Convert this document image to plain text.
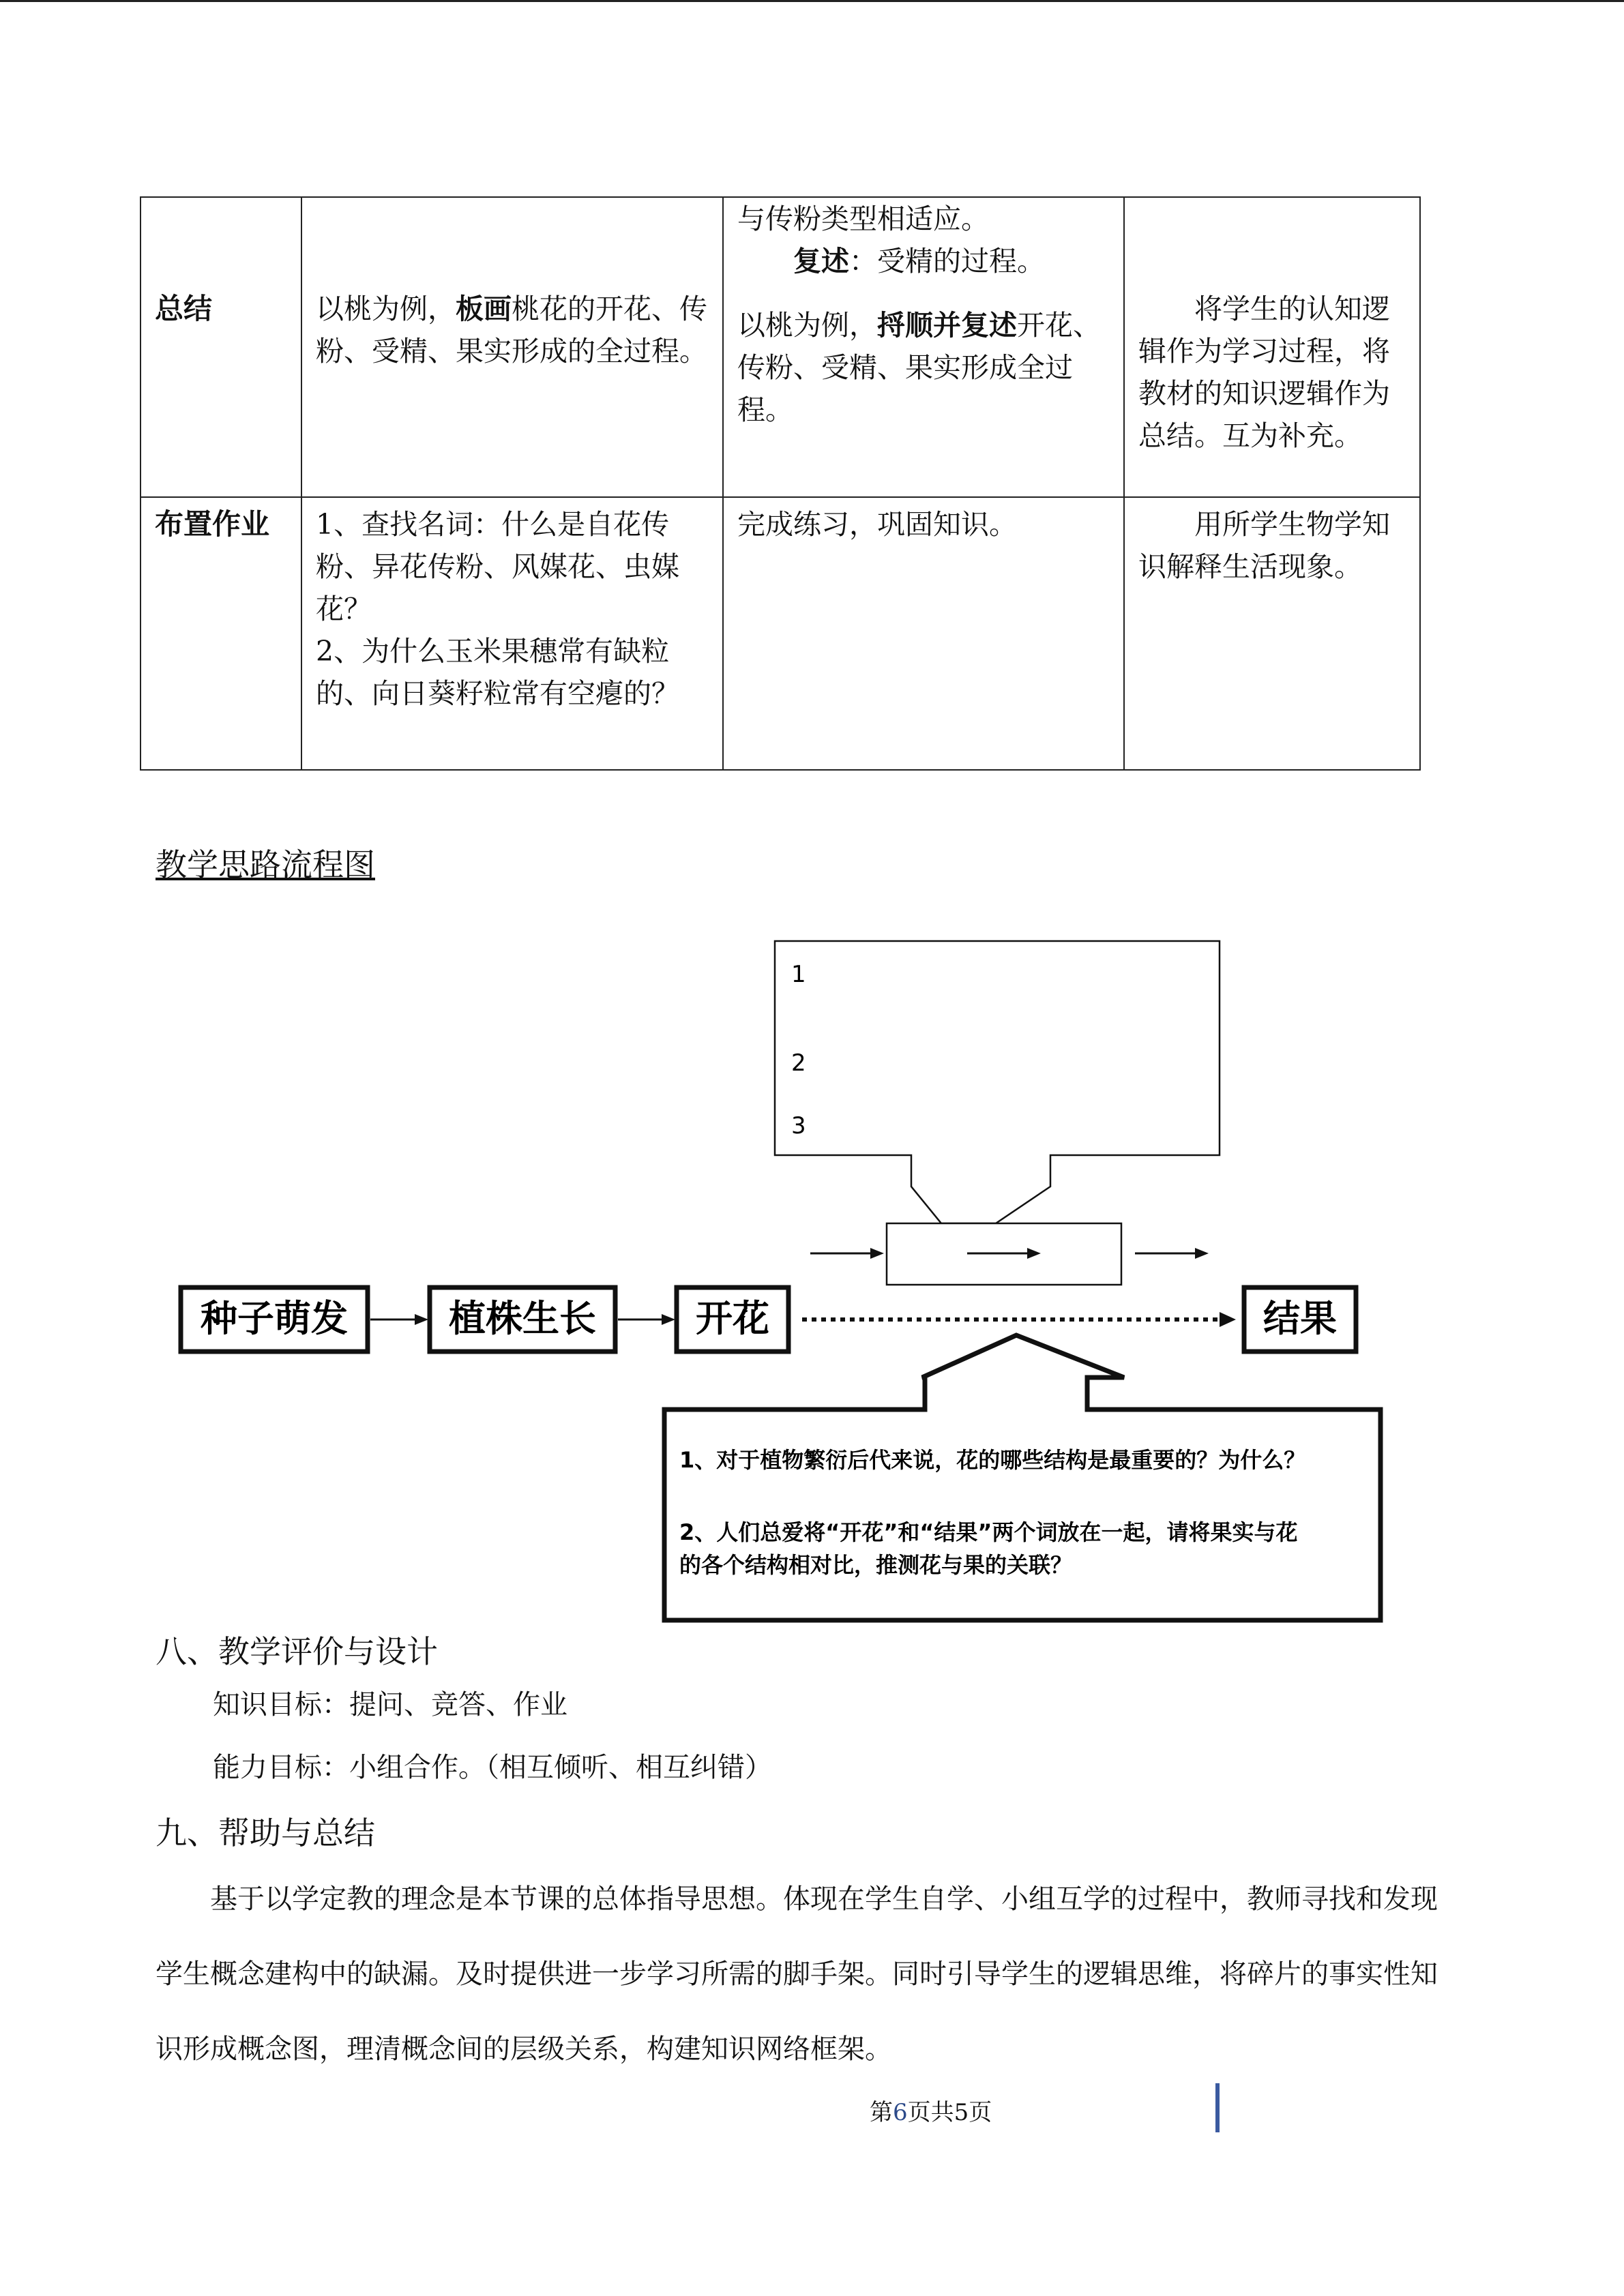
总结	以桃为例，板画桃花的开花、传粉、受精、果实形成的全过程。	与传粉类型相适应。
复述：受精的过程。
以桃为例，捋顺并复述开花、传粉、受精、果实形成全过程。	将学生的认知逻辑作为学习过程，将教材的知识逻辑作为总结。互为补充。

布置作业	1、查找名词：什么是自花传粉、异花传粉、风媒花、虫媒花？
2、为什么玉米果穗常有缺粒的、向日葵籽粒常有空瘪的？	完成练习，巩固知识。	用所学生物学知识解释生活现象。
教学思路流程图
1
2
3
种子萌发	植株生长	开花	结果
1、对于植物繁衍后代来说，花的哪些结构是最重要的？为什么？
2、人们总爱将“开花”和“结果”两个词放在一起，请将果实与花
的各个结构相对比，推测花与果的关联？
八、教学评价与设计
知识目标：提问、竞答、作业
能力目标：小组合作。（相互倾听、相互纠错）
九、帮助与总结
基于以学定教的理念是本节课的总体指导思想。体现在学生自学、小组互学的过程中，教师寻找和发现学生概念建构中的缺漏。及时提供进一步学习所需的脚手架。同时引导学生的逻辑思维，将碎片的事实性知识形成概念图，理清概念间的层级关系，构建知识网络框架。
第6页共5页
